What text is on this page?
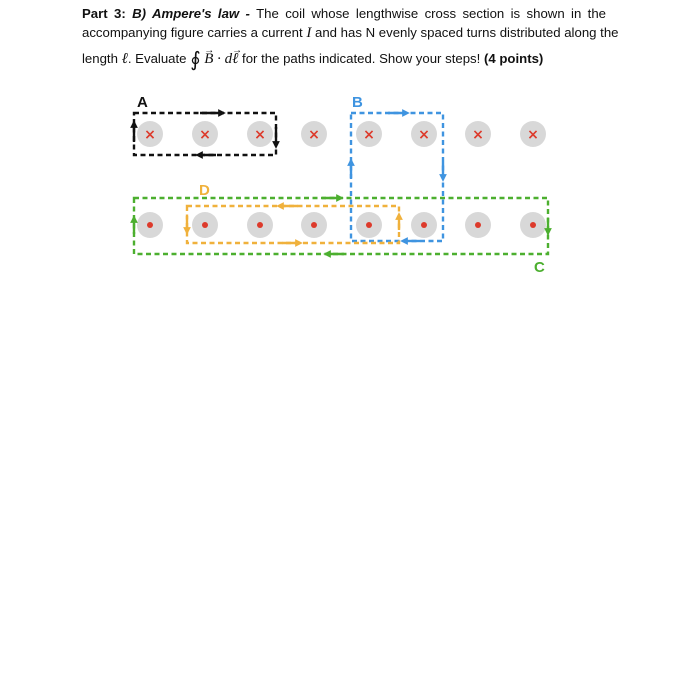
Part 3: B) Ampere's law - The coil whose lengthwise cross section is shown in the
accompanying figure carries a current I and has N evenly spaced turns distributed along the
length ℓ. Evaluate ∮ → B · d→ ℓ for the paths indicated. Show your steps! (4 points)
×	×	×	×	×	×	×	×
A	B
C
D
